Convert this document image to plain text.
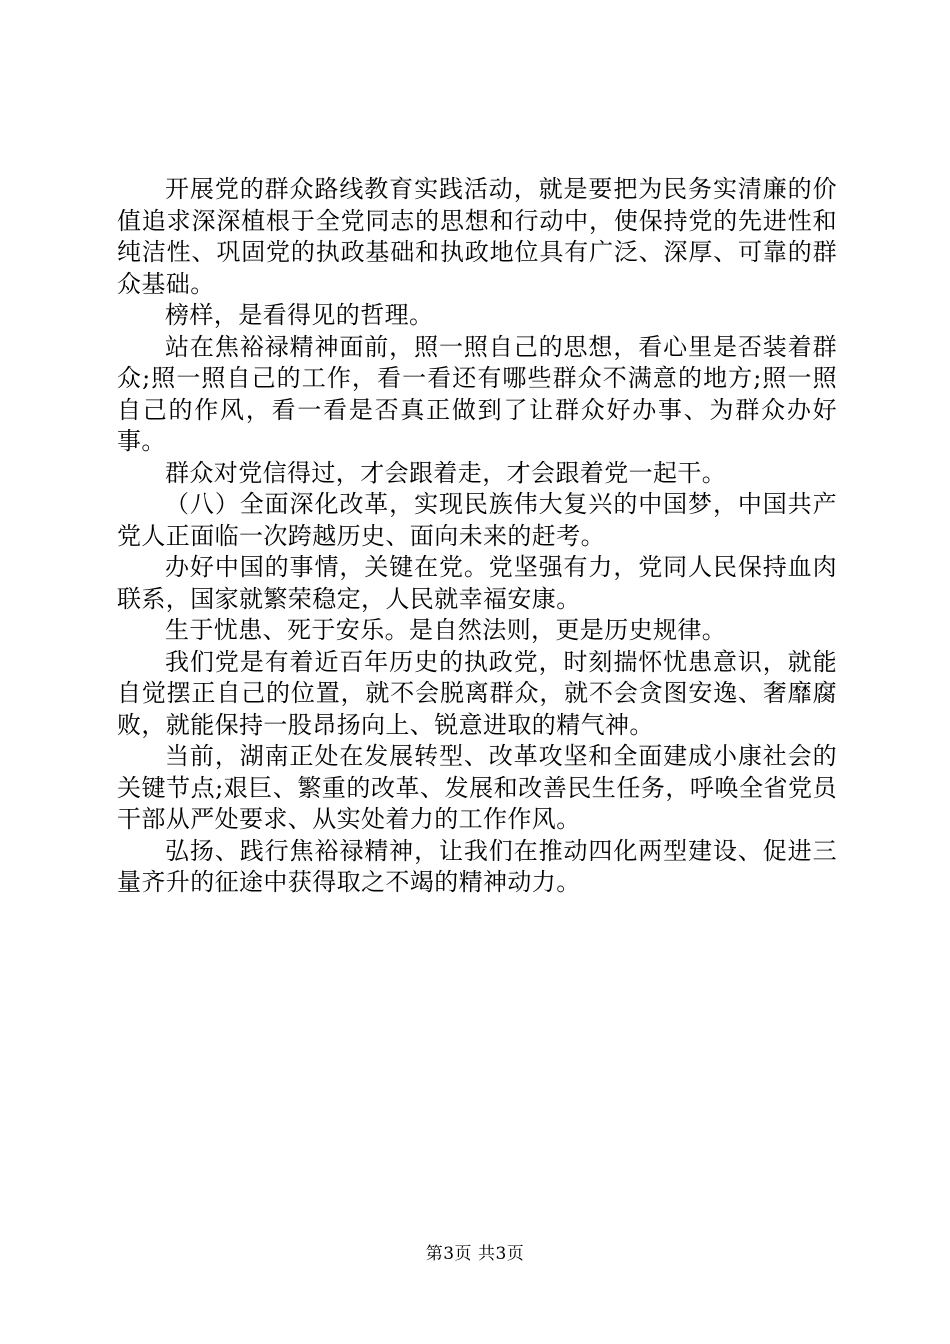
开展党的群众路线教育实践活动，就是要把为民务实清廉的价值追求深深植根于全党同志的思想和行动中，使保持党的先进性和纯洁性、巩固党的执政基础和执政地位具有广泛、深厚、可靠的群众基础。

榜样，是看得见的哲理。

站在焦裕禄精神面前，照一照自己的思想，看心里是否装着群众;照一照自己的工作，看一看还有哪些群众不满意的地方;照一照自己的作风，看一看是否真正做到了让群众好办事、为群众办好事。

群众对党信得过，才会跟着走，才会跟着党一起干。

（八）全面深化改革，实现民族伟大复兴的中国梦，中国共产党人正面临一次跨越历史、面向未来的赶考。

办好中国的事情，关键在党。党坚强有力，党同人民保持血肉联系，国家就繁荣稳定，人民就幸福安康。

生于忧患、死于安乐。是自然法则，更是历史规律。

我们党是有着近百年历史的执政党，时刻揣怀忧患意识，就能自觉摆正自己的位置，就不会脱离群众，就不会贪图安逸、奢靡腐败，就能保持一股昂扬向上、锐意进取的精气神。

当前，湖南正处在发展转型、改革攻坚和全面建成小康社会的关键节点;艰巨、繁重的改革、发展和改善民生任务，呼唤全省党员干部从严处要求、从实处着力的工作作风。

弘扬、践行焦裕禄精神，让我们在推动四化两型建设、促进三量齐升的征途中获得取之不竭的精神动力。

第3页 共3页
